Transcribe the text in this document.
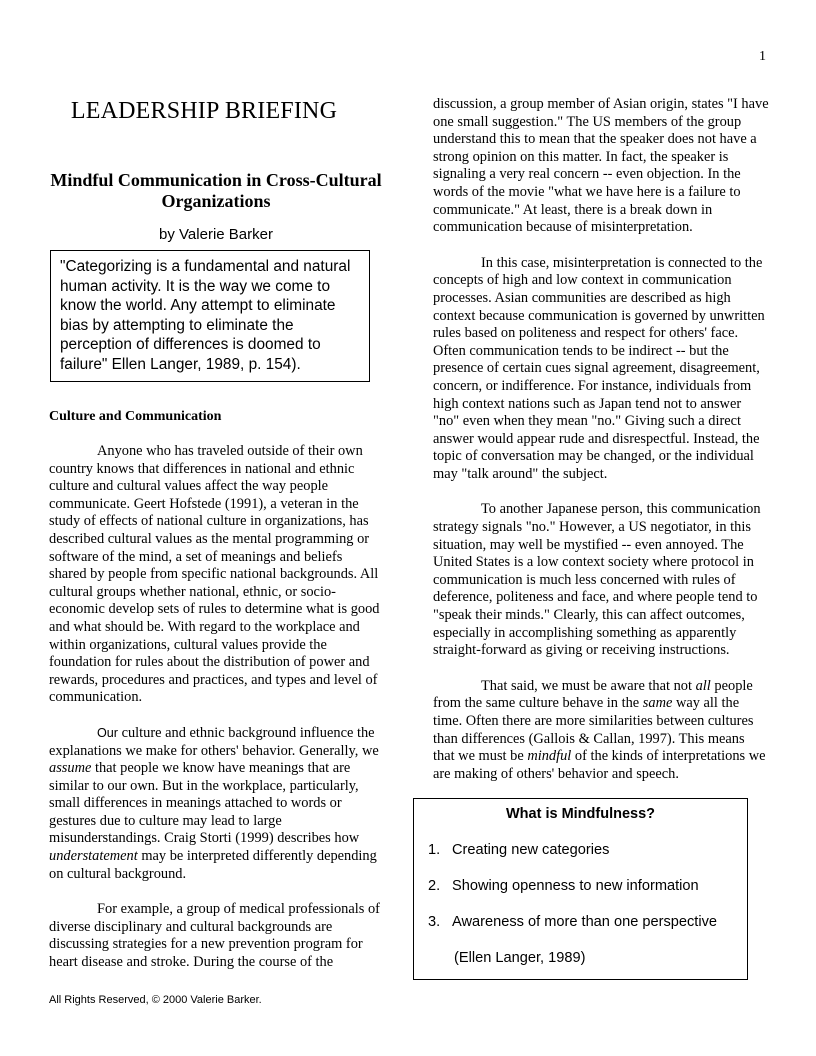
1
LEADERSHIP BRIEFING
Mindful Communication in Cross-Cultural Organizations
by Valerie Barker
"Categorizing is a fundamental and natural human activity. It is the way we come to know the world. Any attempt to eliminate bias by attempting to eliminate the perception of differences is doomed to failure" Ellen Langer, 1989, p. 154).
Culture and Communication

Anyone who has traveled outside of their own country knows that differences in national and ethnic culture and cultural values affect the way people communicate. Geert Hofstede (1991), a veteran in the study of effects of national culture in organizations, has described cultural values as the mental programming or software of the mind, a set of meanings and beliefs shared by people from specific national backgrounds. All cultural groups whether national, ethnic, or socio-economic develop sets of rules to determine what is good and what should be. With regard to the workplace and within organizations, cultural values provide the foundation for rules about the distribution of power and rewards, procedures and practices, and types and level of communication.

Our culture and ethnic background influence the explanations we make for others' behavior. Generally, we assume that people we know have meanings that are similar to our own. But in the workplace, particularly, small differences in meanings attached to words or gestures due to culture may lead to large misunderstandings. Craig Storti (1999) describes how understatement may be interpreted differently depending on cultural background.

For example, a group of medical professionals of diverse disciplinary and cultural backgrounds are discussing strategies for a new prevention program for heart disease and stroke. During the course of the

discussion, a group member of Asian origin, states "I have one small suggestion." The US members of the group understand this to mean that the speaker does not have a strong opinion on this matter. In fact, the speaker is signaling a very real concern -- even objection. In the words of the movie "what we have here is a failure to communicate." At least, there is a break down in communication because of misinterpretation.

In this case, misinterpretation is connected to the concepts of high and low context in communication processes. Asian communities are described as high context because communication is governed by unwritten rules based on politeness and respect for others' face. Often communication tends to be indirect -- but the presence of certain cues signal agreement, disagreement, concern, or indifference. For instance, individuals from high context nations such as Japan tend not to answer "no" even when they mean "no." Giving such a direct answer would appear rude and disrespectful. Instead, the topic of conversation may be changed, or the individual may "talk around" the subject.

To another Japanese person, this communication strategy signals "no." However, a US negotiator, in this situation, may well be mystified -- even annoyed. The United States is a low context society where protocol in communication is much less concerned with rules of deference, politeness and face, and where people tend to "speak their minds." Clearly, this can affect outcomes, especially in accomplishing something as apparently straight-forward as giving or receiving instructions.

That said, we must be aware that not all people from the same culture behave in the same way all the time. Often there are more similarities between cultures than differences (Gallois & Callan, 1997). This means that we must be mindful of the kinds of interpretations we are making of others' behavior and speech.

What is Mindfulness?
1. Creating new categories
2. Showing openness to new information
3. Awareness of more than one perspective
(Ellen Langer, 1989)
All Rights Reserved, © 2000 Valerie Barker.
